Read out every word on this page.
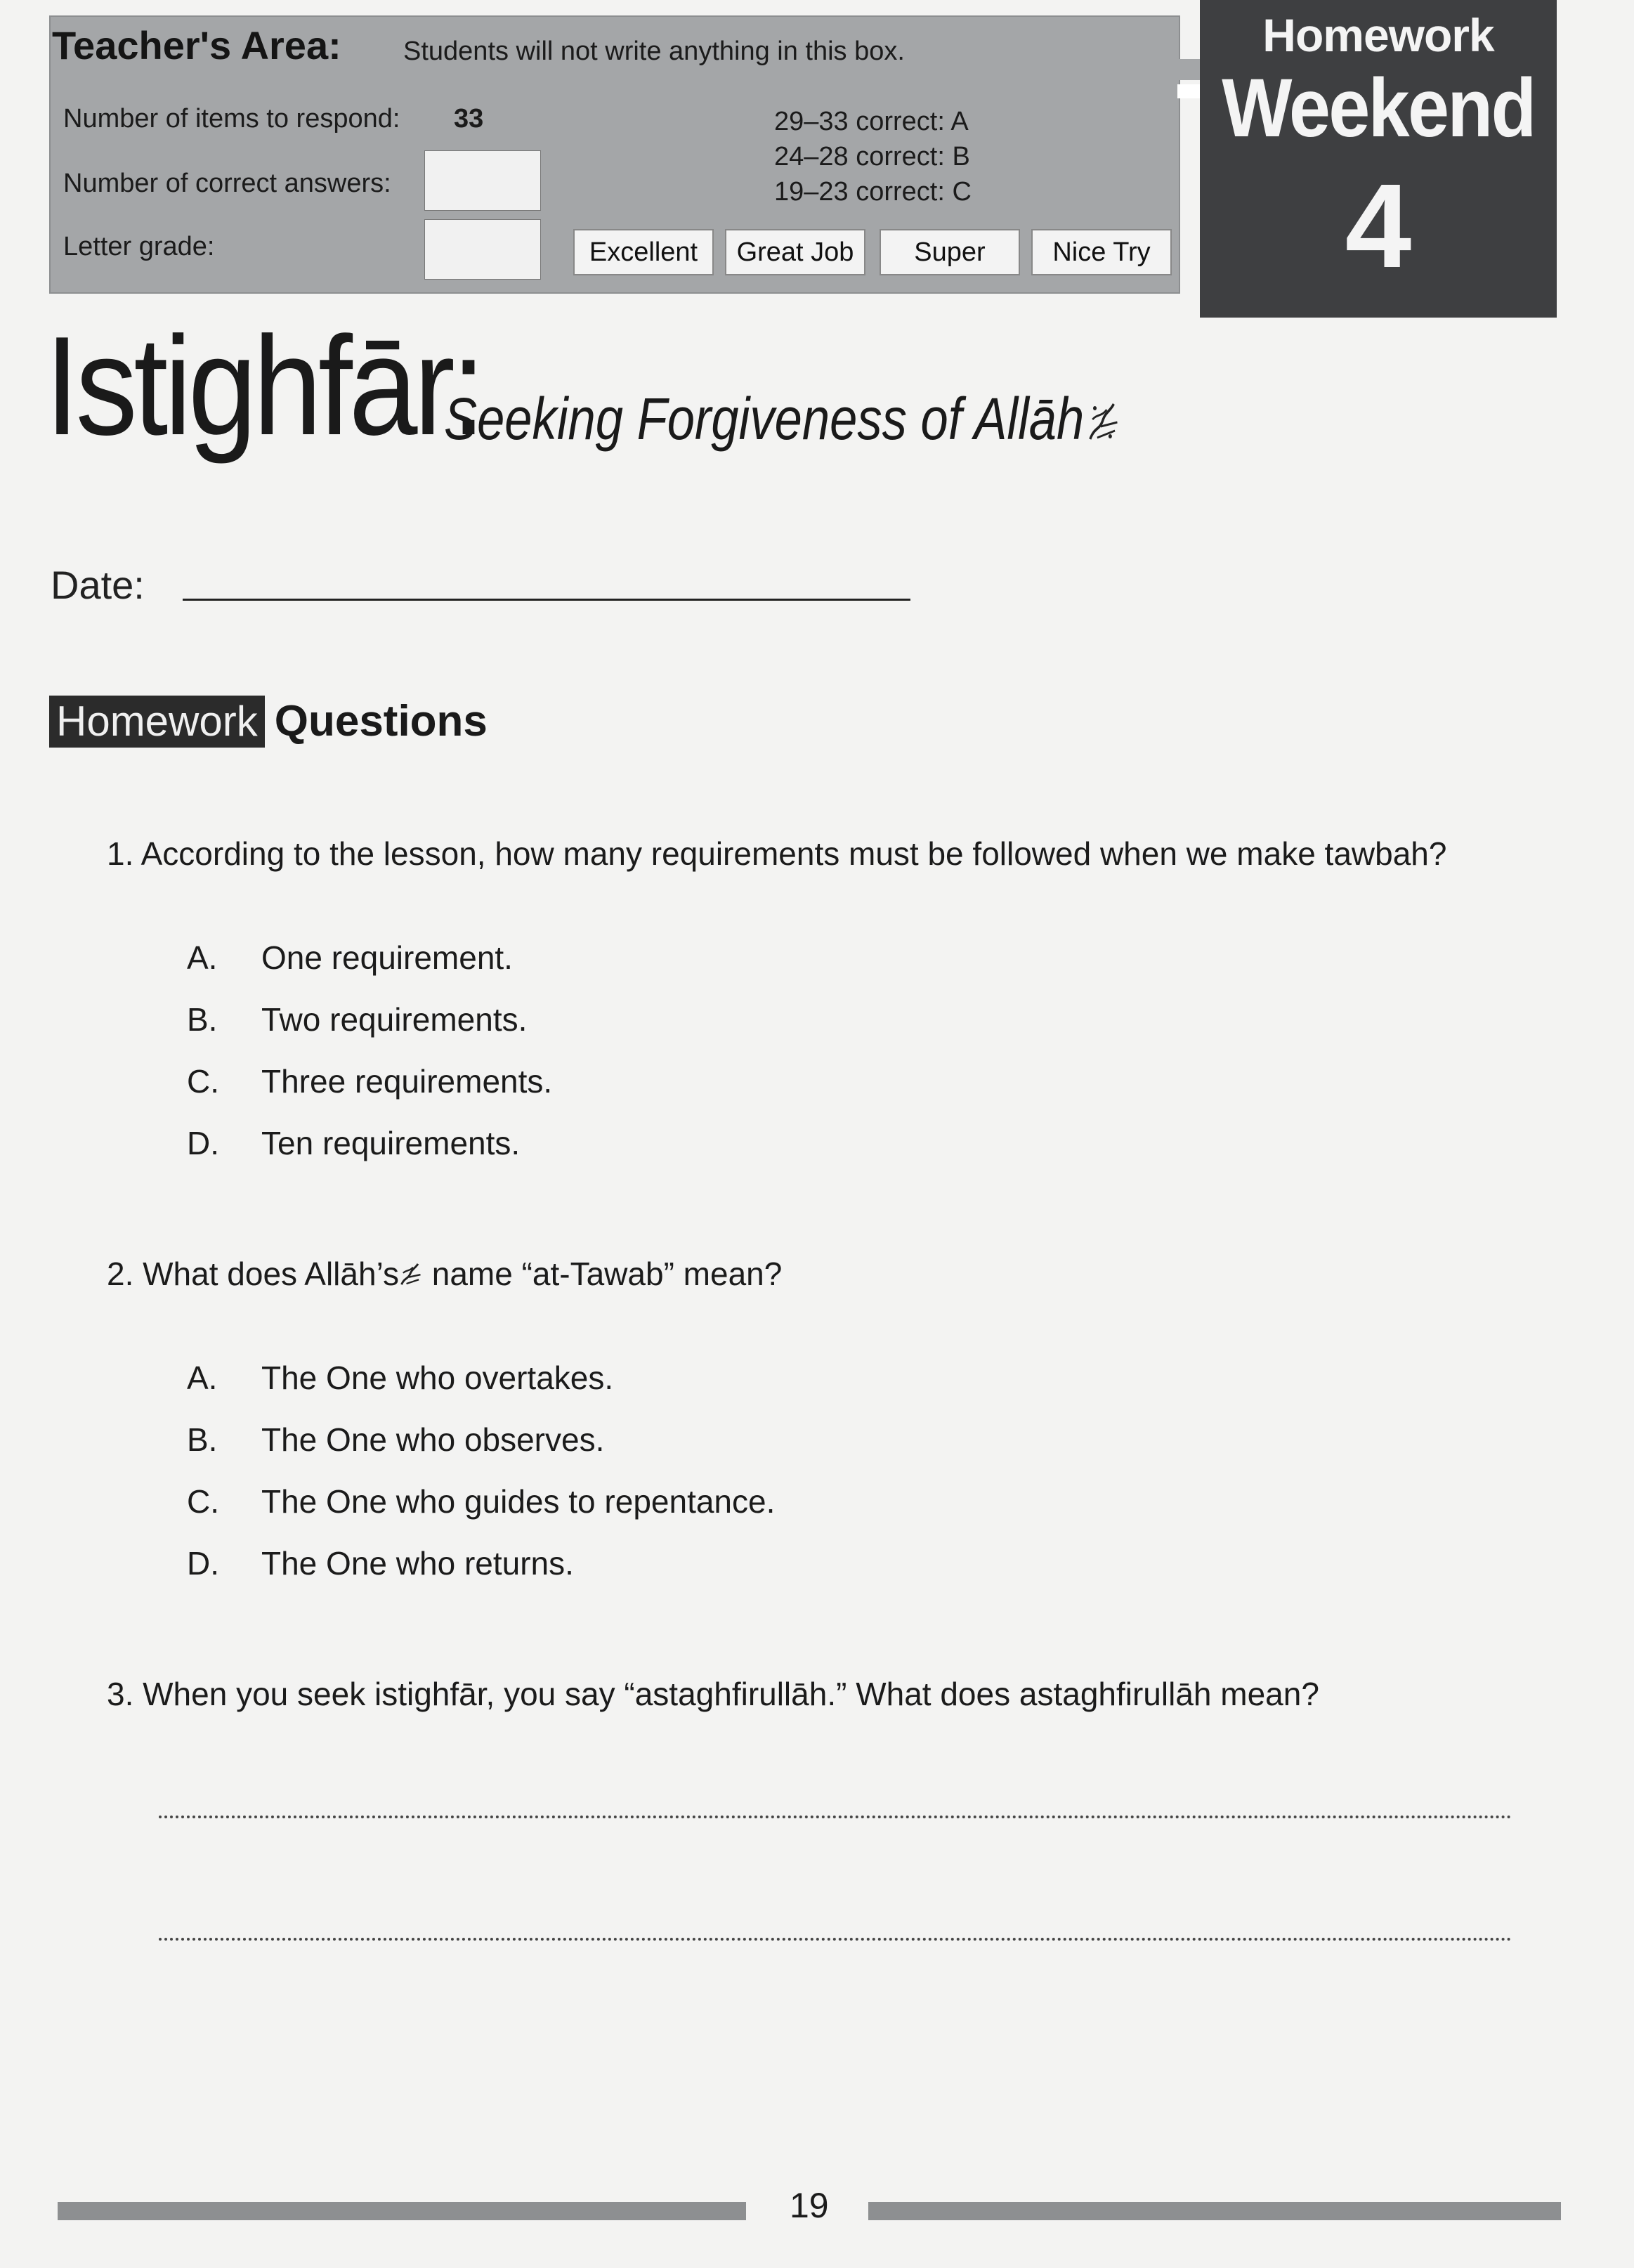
Teacher's Area: Students will not write anything in this box.
Number of items to respond: 33
Number of correct answers:
Letter grade:
29–33 correct: A
24–28 correct: B
19–23 correct: C
Excellent	Great Job	Super	Nice Try
Homework
Weekend
4
Istighfār:
Seeking Forgiveness of Allāh
Date:
Homework Questions
1. According to the lesson, how many requirements must be followed when we make tawbah?
A. One requirement.
B. Two requirements.
C. Three requirements.
D. Ten requirements.
2. What does Allāh’s name “at-Tawab” mean?
A. The One who overtakes.
B. The One who observes.
C. The One who guides to repentance.
D. The One who returns.
3. When you seek istighfār, you say “astaghfirullāh.” What does astaghfirullāh mean?
19
